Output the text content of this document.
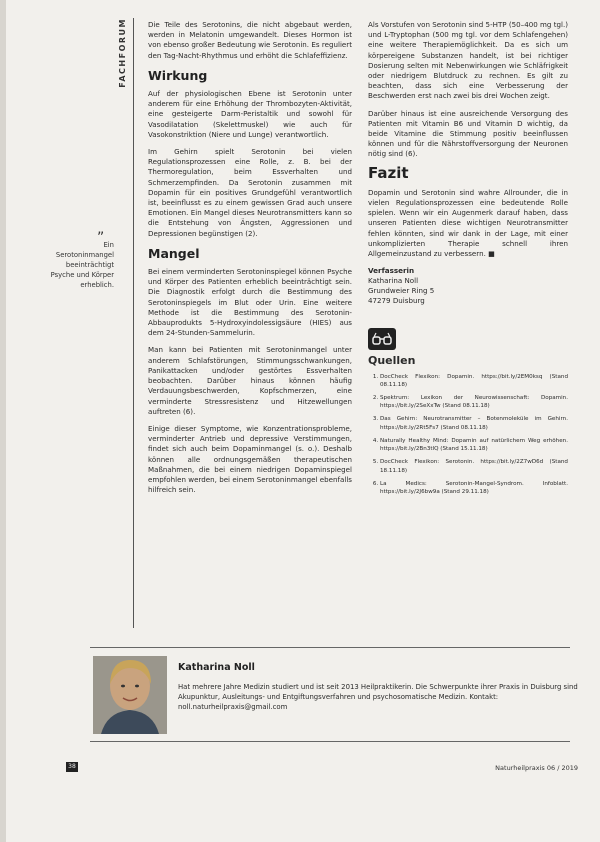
FACHFORUM
” Ein Serotoninmangel beeinträchtigt Psyche und Körper erheblich.

Die Teile des Serotonins, die nicht abgebaut werden, werden in Melatonin umgewandelt. Dieses Hormon ist von ebenso großer Bedeutung wie Serotonin. Es reguliert den Tag-Nacht-Rhythmus und erhöht die Schlafeffizienz.

Wirkung

Auf der physiologischen Ebene ist Serotonin unter anderem für eine Erhöhung der Thrombozyten-Aktivität, eine gesteigerte Darm-Peristaltik und sowohl für Vasodilatation (Skelettmuskel) wie auch für Vasokonstriktion (Niere und Lunge) verantwortlich.

Im Gehirn spielt Serotonin bei vielen Regulationsprozessen eine Rolle, z. B. bei der Thermoregulation, beim Essverhalten und Schmerzempfinden. Da Serotonin zusammen mit Dopamin für ein positives Grundgefühl verantwortlich ist, beeinflusst es zu einem gewissen Grad auch unsere Emotionen. Ein Mangel dieses Neurotransmitters kann so die Entstehung von Ängsten, Aggressionen und Depressionen begünstigen (2).

Mangel

Bei einem verminderten Serotoninspiegel können Psyche und Körper des Patienten erheblich beeinträchtigt sein. Die Diagnostik erfolgt durch die Bestimmung des Serotoninspiegels im Blut oder Urin. Eine weitere Methode ist die Bestimmung des Serotonin-Abbauprodukts 5-Hydroxyindolessigsäure (HIES) aus dem 24-Stunden-Sammelurin.

Man kann bei Patienten mit Serotoninmangel unter anderem Schlafstörungen, Stimmungsschwankungen, Panikattacken und/oder gestörtes Essverhalten beobachten. Darüber hinaus können häufig Verdauungsbeschwerden, Kopfschmerzen, eine verminderte Stressresistenz und Hitzewellungen auftreten (6).

Einige dieser Symptome, wie Konzentrationsprobleme, verminderter Antrieb und depressive Verstimmungen, findet sich auch beim Dopaminmangel (s. o.). Deshalb können alle ordnungsgemäßen therapeutischen Maßnahmen, die bei einem niedrigen Dopaminspiegel empfohlen werden, bei einem Serotoninmangel ebenfalls hilfreich sein.

Als Vorstufen von Serotonin sind 5-HTP (50–400 mg tgl.) und L-Tryptophan (500 mg tgl. vor dem Schlafengehen) eine weitere Therapiemöglichkeit. Da es sich um körpereigene Substanzen handelt, ist bei richtiger Dosierung selten mit Nebenwirkungen wie Schläfrigkeit oder niedrigem Blutdruck zu rechnen. Es gilt zu beachten, dass sich eine Verbesserung der Beschwerden erst nach zwei bis drei Wochen zeigt.

Darüber hinaus ist eine ausreichende Versorgung des Patienten mit Vitamin B6 und Vitamin D wichtig, da beide Vitamine die Stimmung positiv beeinflussen können und für die Nährstoffversorgung der Neuronen nötig sind (6).

Fazit

Dopamin und Serotonin sind wahre Allrounder, die in vielen Regulationsprozessen eine bedeutende Rolle spielen. Wenn wir ein Augenmerk darauf haben, dass unseren Patienten diese wichtigen Neurotransmitter fehlen könnten, sind wir dank in der Lage, mit einer unkomplizierten Therapie schnell ihren Allgemeinzustand zu verbessern. ■

Verfasserin
Katharina Noll
Grundweier Ring 5
47279 Duisburg
Quellen
1. DocCheck Flexikon: Dopamin. https://bit.ly/2EM0ksq (Stand 08.11.18)
2. Spektrum: Lexikon der Neurowissenschaft: Dopamin. https://bit.ly/2SeXxTw (Stand 08.11.18)
3. Das Gehirn: Neurotransmitter – Botenmoleküle im Gehirn. https://bit.ly/2Rt5Fs7 (Stand 08.11.18)
4. Naturally Healthy Mind: Dopamin auf natürlichem Weg erhöhen. https://bit.ly/2Bn3tlQ (Stand 15.11.18)
5. DocCheck Flexikon: Serotonin. https://bit.ly/2Z7wD6d (Stand 18.11.18)
6. La Medics: Serotonin-Mangel-Syndrom. Infoblatt. https://bit.ly/2J6bw9a (Stand 29.11.18)
Katharina Noll
Hat mehrere Jahre Medizin studiert und ist seit 2013 Heilpraktikerin. Die Schwerpunkte ihrer Praxis in Duisburg sind Akupunktur, Ausleitungs- und Entgiftungsverfahren und psychosomatische Medizin. Kontakt: noll.naturheilpraxis@gmail.com
38	Naturheilpraxis 06 / 2019
